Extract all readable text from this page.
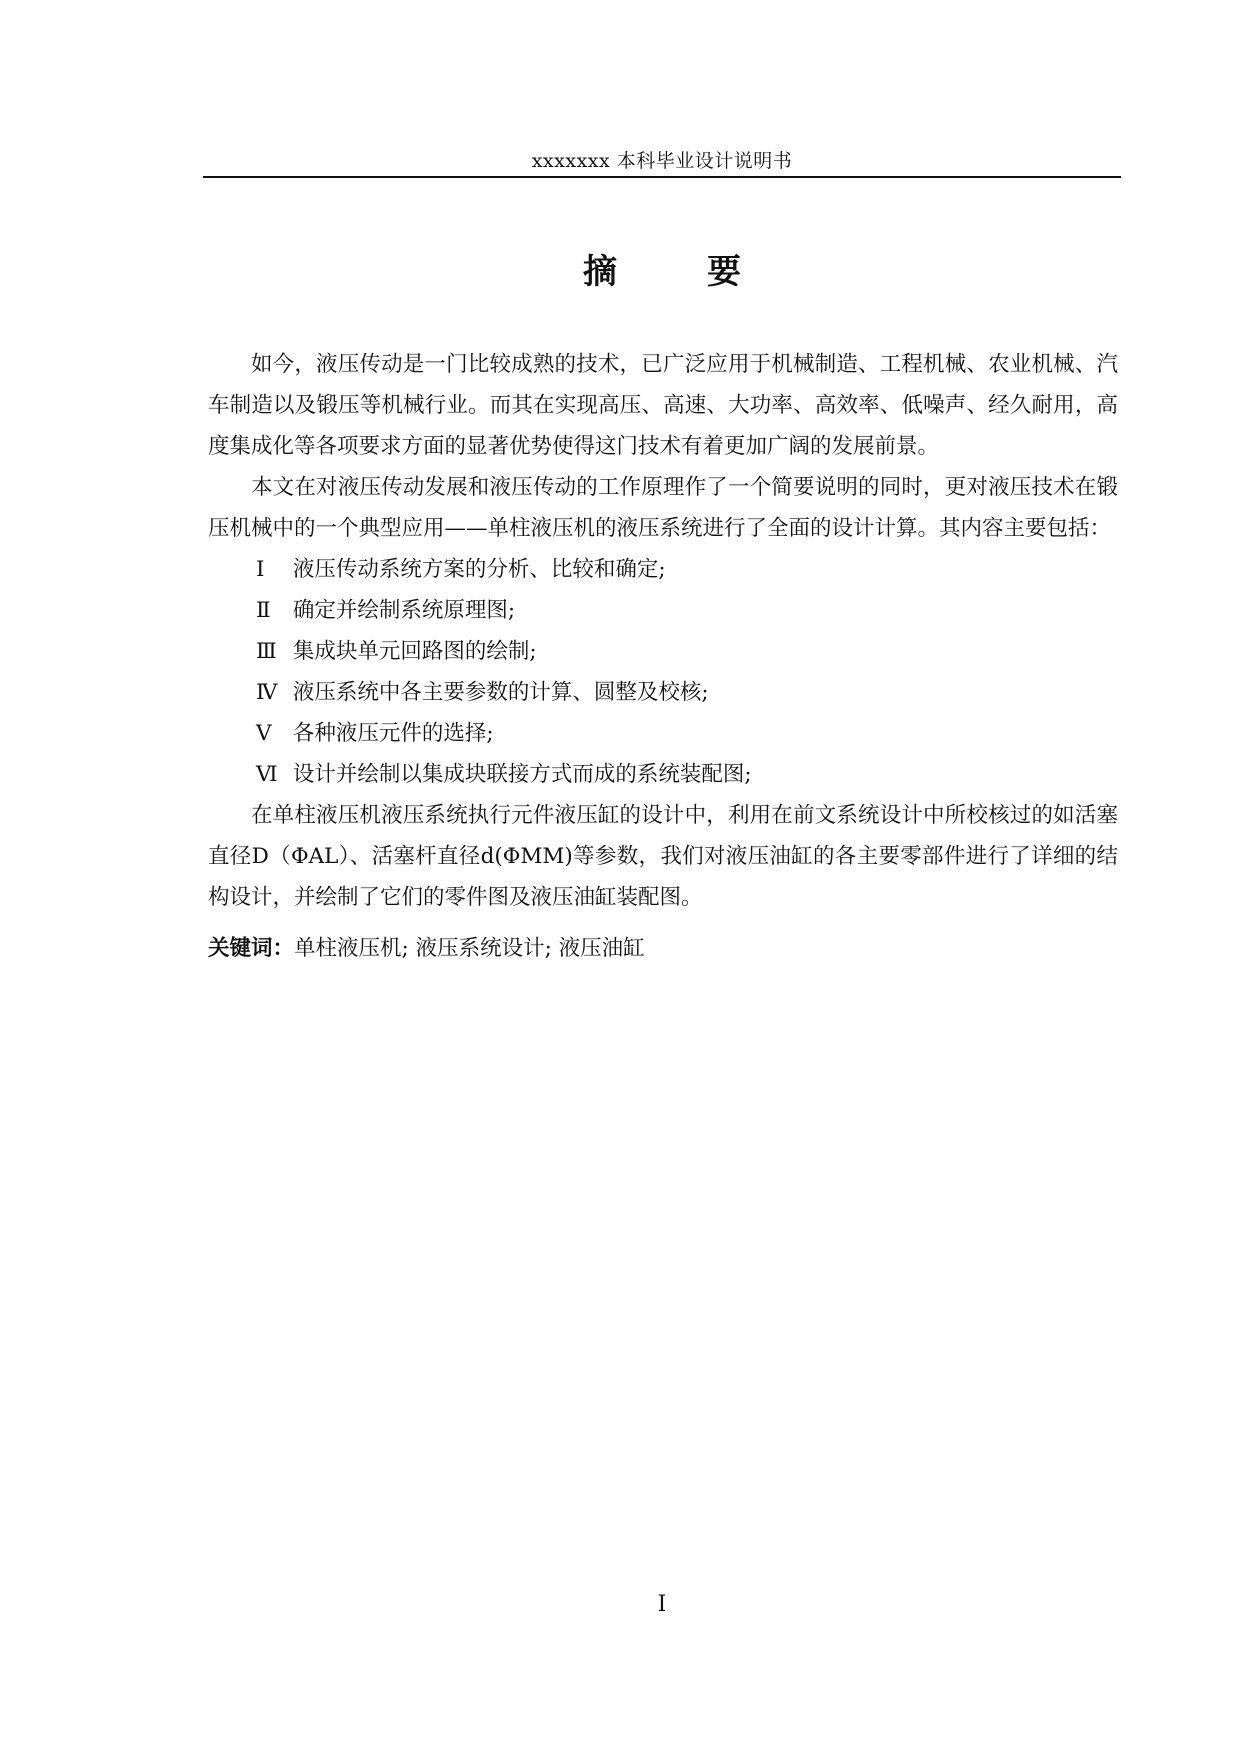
xxxxxxx 本科毕业设计说明书
摘	要

如今，液压传动是一门比较成熟的技术，已广泛应用于机械制造、工程机械、农业机械、汽车制造以及锻压等机械行业。而其在实现高压、高速、大功率、高效率、低噪声、经久耐用，高度集成化等各项要求方面的显著优势使得这门技术有着更加广阔的发展前景。

本文在对液压传动发展和液压传动的工作原理作了一个简要说明的同时，更对液压技术在锻压机械中的一个典型应用——单柱液压机的液压系统进行了全面的设计计算。其内容主要包括：

Ⅰ 液压传动系统方案的分析、比较和确定;
Ⅱ 确定并绘制系统原理图;
Ⅲ 集成块单元回路图的绘制;
Ⅳ 液压系统中各主要参数的计算、圆整及校核;
Ⅴ 各种液压元件的选择;
Ⅵ 设计并绘制以集成块联接方式而成的系统装配图;

在单柱液压机液压系统执行元件液压缸的设计中，利用在前文系统设计中所校核过的如活塞直径D（ΦAL）、活塞杆直径d(ΦMM)等参数，我们对液压油缸的各主要零部件进行了详细的结构设计，并绘制了它们的零件图及液压油缸装配图。

关键词：单柱液压机; 液压系统设计; 液压油缸
I
